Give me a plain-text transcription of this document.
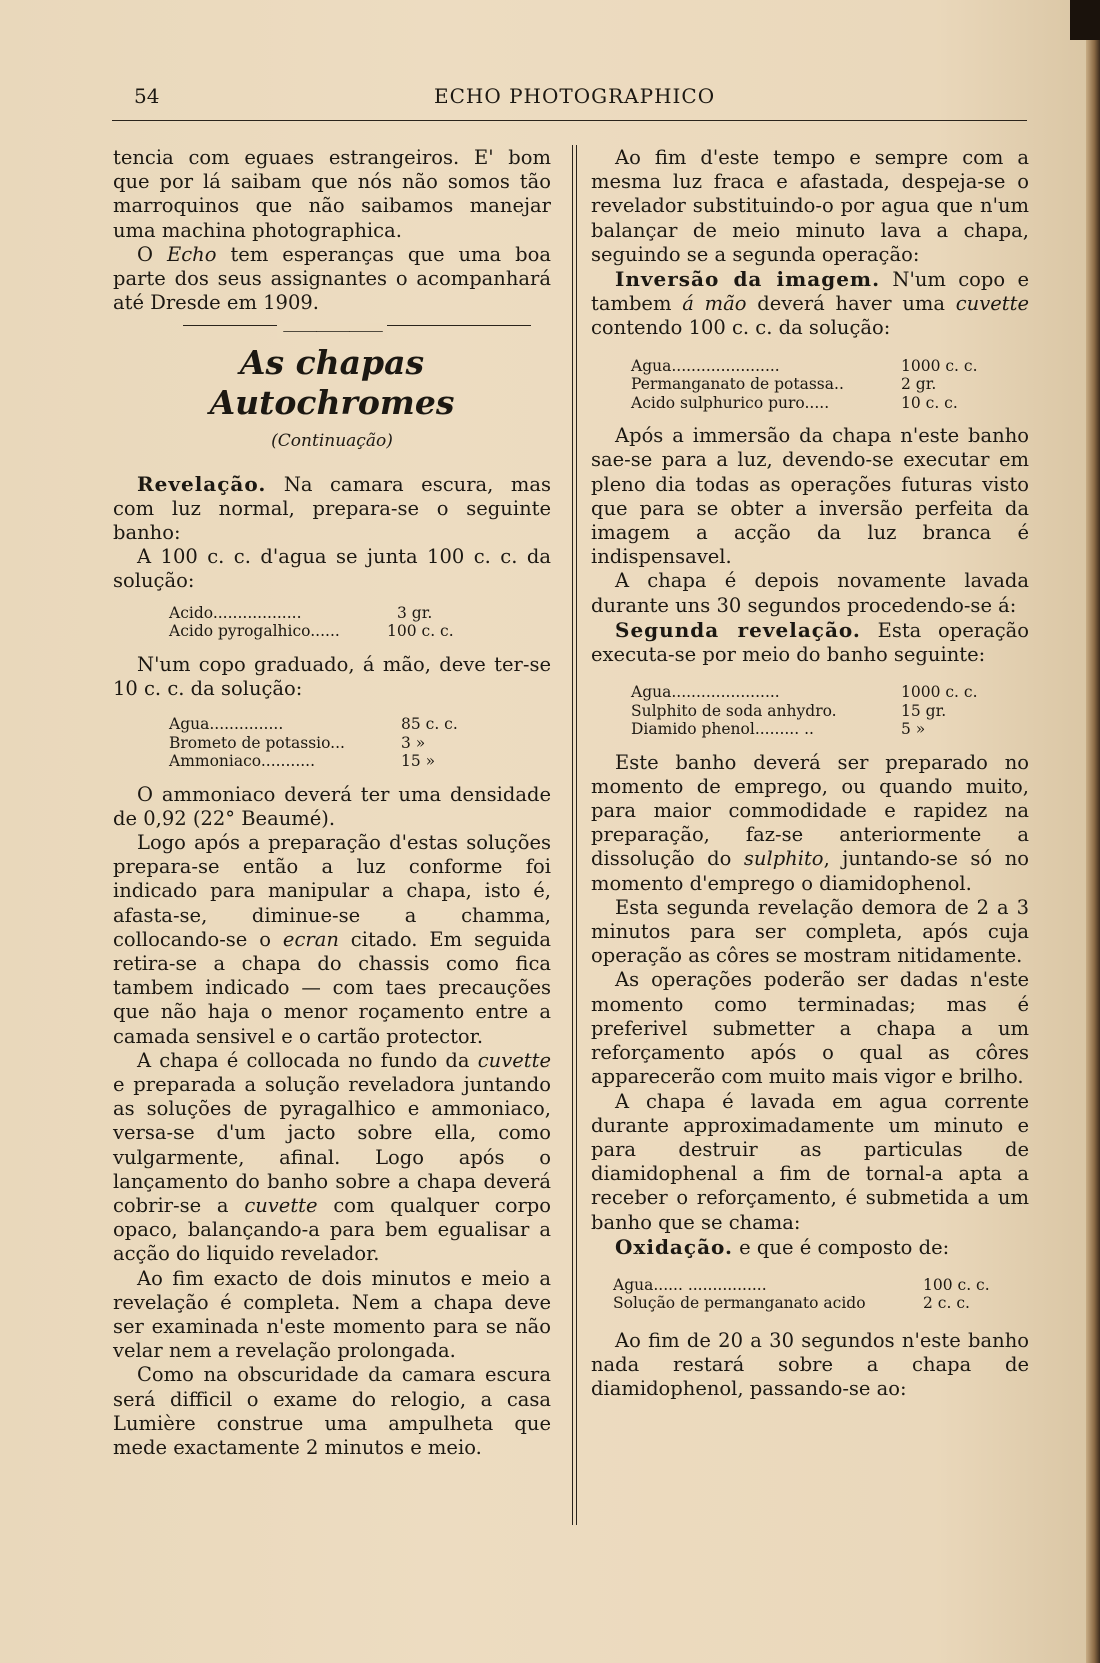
54	ECHO PHOTOGRAPHICO

tencia com eguaes estrangeiros. E' bom que por lá saibam que nós não somos tão marroquinos que não saibamos manejar uma machina photographica.

O Echo tem esperanças que uma boa parte dos seus assignantes o acompanhará até Dresde em 1909.

⸻⸻⸻
As chapas Autochromes
(Continuação)

Revelação. Na camara escura, mas com luz normal, prepara-se o seguinte banho:

A 100 c. c. d'agua se junta 100 c. c. da solução:

Acido..................	3 gr.
Acido pyrogalhico......	100 c. c.

N'um copo graduado, á mão, deve ter-se 10 c. c. da solução:

Agua...............	85 c. c.
Brometo de potassio...	3 »
Ammoniaco...........	15 »

O ammoniaco deverá ter uma densidade de 0,92 (22° Beaumé).

Logo após a preparação d'estas soluções prepara-se então a luz conforme foi indicado para manipular a chapa, isto é, afasta-se, diminue-se a chamma, collocando-se o ecran citado. Em seguida retira-se a chapa do chassis como fica tambem indicado — com taes precauções que não haja o menor roçamento entre a camada sensivel e o cartão protector.

A chapa é collocada no fundo da cuvette e preparada a solução reveladora juntando as soluções de pyragalhico e ammoniaco, versa-se d'um jacto sobre ella, como vulgarmente, afinal. Logo após o lançamento do banho sobre a chapa deverá cobrir-se a cuvette com qualquer corpo opaco, balançando-a para bem egualisar a acção do liquido revelador.

Ao fim exacto de dois minutos e meio a revelação é completa. Nem a chapa deve ser examinada n'este momento para se não velar nem a revelação prolongada.

Como na obscuridade da camara escura será difficil o exame do relogio, a casa Lumière construe uma ampulheta que mede exactamente 2 minutos e meio.

Ao fim d'este tempo e sempre com a mesma luz fraca e afastada, despeja-se o revelador substituindo-o por agua que n'um balançar de meio minuto lava a chapa, seguindo se a segunda operação:

Inversão da imagem. N'um copo e tambem á mão deverá haver uma cuvette contendo 100 c. c. da solução:

Agua......................	1000 c. c.
Permanganato de potassa..	2 gr.
Acido sulphurico puro.....	10 c. c.

Após a immersão da chapa n'este banho sae-se para a luz, devendo-se executar em pleno dia todas as operações futuras visto que para se obter a inversão perfeita da imagem a acção da luz branca é indispensavel.

A chapa é depois novamente lavada durante uns 30 segundos procedendo-se á:

Segunda revelação. Esta operação executa-se por meio do banho seguinte:

Agua......................	1000 c. c.
Sulphito de soda anhydro.	15 gr.
Diamido phenol......... ..	5 »

Este banho deverá ser preparado no momento de emprego, ou quando muito, para maior commodidade e rapidez na preparação, faz-se anteriormente a dissolução do sulphito, juntando-se só no momento d'emprego o diamidophenol.

Esta segunda revelação demora de 2 a 3 minutos para ser completa, após cuja operação as côres se mostram nitidamente.

As operações poderão ser dadas n'este momento como terminadas; mas é preferivel submetter a chapa a um reforçamento após o qual as côres apparecerão com muito mais vigor e brilho.

A chapa é lavada em agua corrente durante approximadamente um minuto e para destruir as particulas de diamidophenal a fim de tornal-a apta a receber o reforçamento, é submetida a um banho que se chama:

Oxidação. e que é composto de:

Agua...... ................	100 c. c.
Solução de permanganato acido	2 c. c.

Ao fim de 20 a 30 segundos n'este banho nada restará sobre a chapa de diamidophenol, passando-se ao:
